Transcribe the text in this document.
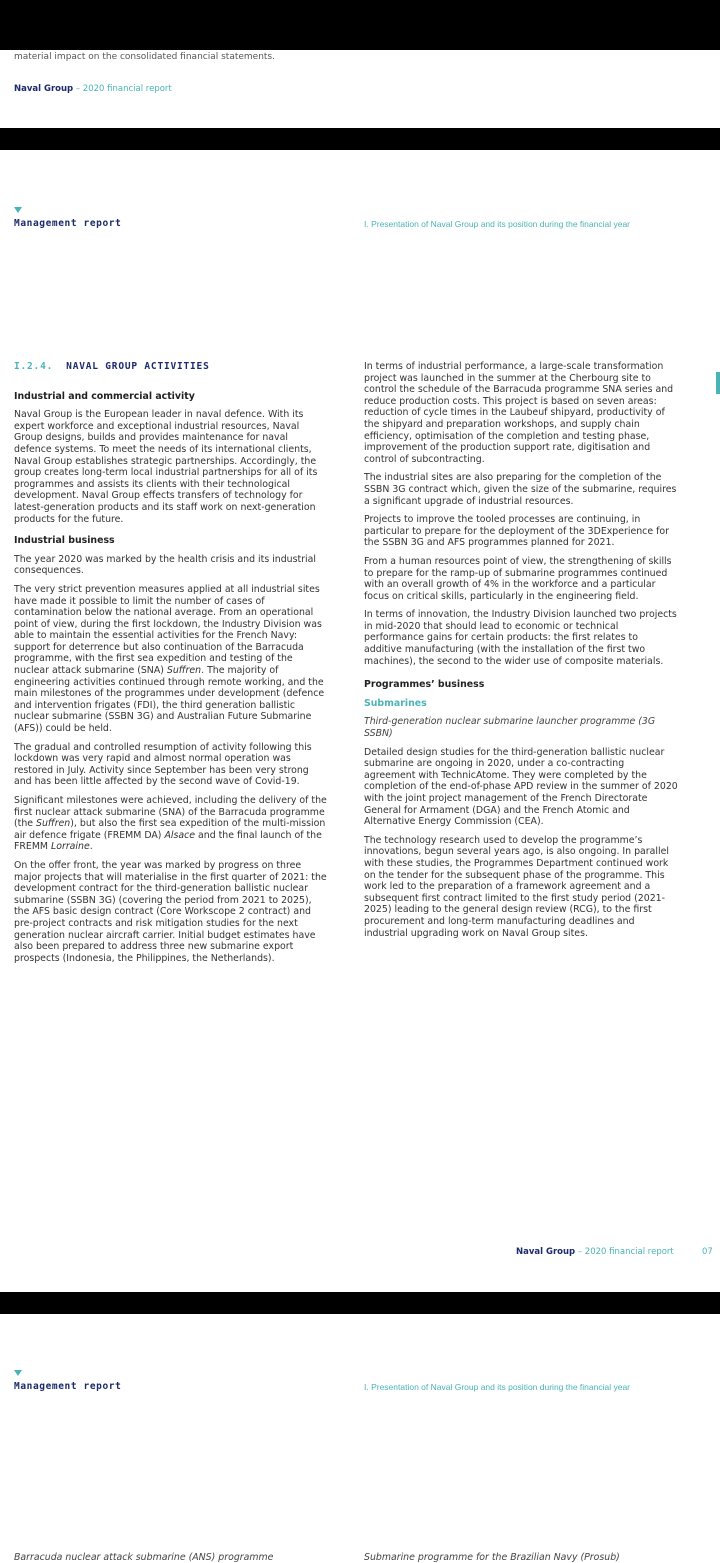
material impact on the consolidated financial statements.
Naval Group – 2020 financial report
Management report	I. Presentation of Naval Group and its position during the financial year
I.2.4. NAVAL GROUP ACTIVITIES

Industrial and commercial activity

Naval Group is the European leader in naval defence. With its expert workforce and exceptional industrial resources, Naval Group designs, builds and provides maintenance for naval defence systems. To meet the needs of its international clients, Naval Group establishes strategic partnerships. Accordingly, the group creates long-term local industrial partnerships for all of its programmes and assists its clients with their technological development. Naval Group effects transfers of technology for latest-generation products and its staff work on next-generation products for the future.

Industrial business

The year 2020 was marked by the health crisis and its industrial consequences.

The very strict prevention measures applied at all industrial sites have made it possible to limit the number of cases of contamination below the national average. From an operational point of view, during the first lockdown, the Industry Division was able to maintain the essential activities for the French Navy: support for deterrence but also continuation of the Barracuda programme, with the first sea expedition and testing of the nuclear attack submarine (SNA) Suffren. The majority of engineering activities continued through remote working, and the main milestones of the programmes under development (defence and intervention frigates (FDI), the third generation ballistic nuclear submarine (SSBN 3G) and Australian Future Submarine (AFS)) could be held.

The gradual and controlled resumption of activity following this lockdown was very rapid and almost normal operation was restored in July. Activity since September has been very strong and has been little affected by the second wave of Covid-19.

Significant milestones were achieved, including the delivery of the first nuclear attack submarine (SNA) of the Barracuda programme (the Suffren), but also the first sea expedition of the multi-mission air defence frigate (FREMM DA) Alsace and the final launch of the FREMM Lorraine.

On the offer front, the year was marked by progress on three major projects that will materialise in the first quarter of 2021: the development contract for the third-generation ballistic nuclear submarine (SSBN 3G) (covering the period from 2021 to 2025), the AFS basic design contract (Core Workscope 2 contract) and pre-project contracts and risk mitigation studies for the next generation nuclear aircraft carrier. Initial budget estimates have also been prepared to address three new submarine export prospects (Indonesia, the Philippines, the Netherlands).

In terms of industrial performance, a large-scale transformation project was launched in the summer at the Cherbourg site to control the schedule of the Barracuda programme SNA series and reduce production costs. This project is based on seven areas: reduction of cycle times in the Laubeuf shipyard, productivity of the shipyard and preparation workshops, and supply chain efficiency, optimisation of the completion and testing phase, improvement of the production support rate, digitisation and control of subcontracting.

The industrial sites are also preparing for the completion of the SSBN 3G contract which, given the size of the submarine, requires a significant upgrade of industrial resources.

Projects to improve the tooled processes are continuing, in particular to prepare for the deployment of the 3DExperience for the SSBN 3G and AFS programmes planned for 2021.

From a human resources point of view, the strengthening of skills to prepare for the ramp-up of submarine programmes continued with an overall growth of 4% in the workforce and a particular focus on critical skills, particularly in the engineering field.

In terms of innovation, the Industry Division launched two projects in mid-2020 that should lead to economic or technical performance gains for certain products: the first relates to additive manufacturing (with the installation of the first two machines), the second to the wider use of composite materials.

Programmes’ business

Submarines

Third-generation nuclear submarine launcher programme (3G SSBN)

Detailed design studies for the third-generation ballistic nuclear submarine are ongoing in 2020, under a co-contracting agreement with TechnicAtome. They were completed by the completion of the end-of-phase APD review in the summer of 2020 with the joint project management of the French Directorate General for Armament (DGA) and the French Atomic and Alternative Energy Commission (CEA).

The technology research used to develop the programme’s innovations, begun several years ago, is also ongoing. In parallel with these studies, the Programmes Department continued work on the tender for the subsequent phase of the programme. This work led to the preparation of a framework agreement and a subsequent first contract limited to the first study period (2021-2025) leading to the general design review (RCG), to the first procurement and long-term manufacturing deadlines and industrial upgrading work on Naval Group sites.

Naval Group – 2020 financial report	07
Management report	I. Presentation of Naval Group and its position during the financial year
Barracuda nuclear attack submarine (ANS) programme	Submarine programme for the Brazilian Navy (Prosub)
